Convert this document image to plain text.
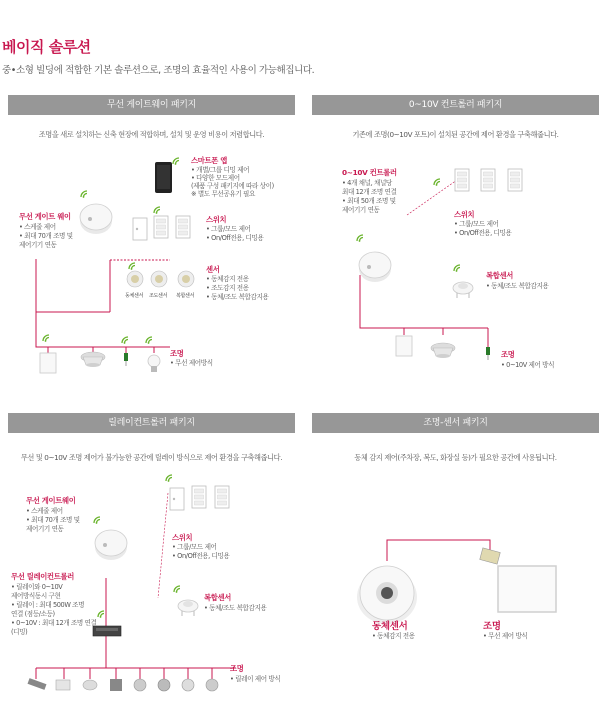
베이직 솔루션
중•소형 빌딩에 적합한 기본 솔루션으로, 조명의 효율적인 사용이 가능해집니다.
무선 게이트웨이 패키지
조명을 새로 설치하는 신축 현장에 적합하며, 설치 및 운영 비용이 저렴합니다.
동체센서 조도센서 복합센서
무선 게이트 웨이
• 스케줄 제어
• 최대 70개 조명 및
제어기기 연동
스마트폰 앱
• 개별/그룹 디밍 제어
• 다양한 모드제어
(제품 구성 패키지에 따라 상이)
※ 별도 무선공유기 필요
스위치
• 그룹/모드 제어
• On/Off전용, 디밍용
센서
• 동체감지 전용
• 조도감지 전용
• 동체/조도 복합감지용
조명
• 무선 제어방식
0~10V 컨트롤러 패키지
기존에 조명(0~10V 포트)이 설치된 공간에 제어 환경을 구축해줍니다.
0~10V 컨트롤러
• 4개 채널, 채널당
최대 12개 조명 연결
• 최대 50개 조명 및
제어기기 연동	스위치
• 그룹/모드 제어
• On/Off전용, 디밍용
복합센서
• 동체/조도 복합감지용
조명
• 0~10V 제어 방식
릴레이컨트롤러 패키지
무선 및 0~10V 조명 제어가 불가능한 공간에 릴레이 방식으로 제어 환경을 구축해줍니다.
무선 게이트웨이
• 스케줄 제어
• 최대 70개 조명 및
제어기기 연동
무선 릴레이컨트롤러
• 릴레이와 0~10V
제어방식동시 구현
• 릴레이 : 최대 500W 조명
연결 (점등/소등)
• 0~10V : 최대 12개 조명 연결
(디밍)
스위치
• 그룹/모드 제어
• On/Off전용, 디밍용
복합센서
• 동체/조도 복합감지용
조명
• 릴레이 제어 방식
조명-센서 패키지
동체 감지 제어(주차장, 복도, 화장실 등)가 필요한 공간에 사용됩니다.
동체센서
• 동체감지 전용
조명
• 무선 제어 방식
